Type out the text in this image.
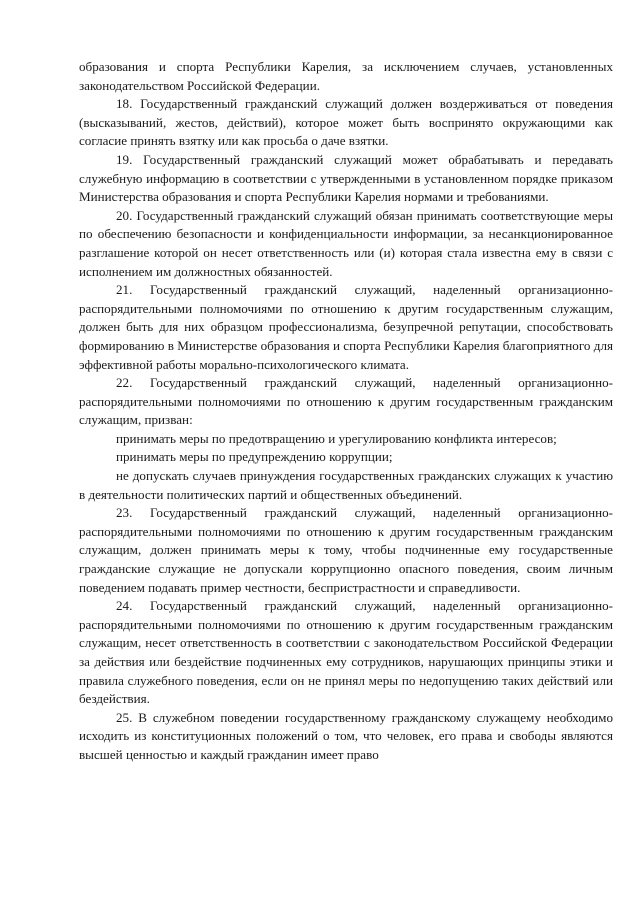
образования и спорта Республики Карелия, за исключением случаев, установленных законодательством Российской Федерации.

18. Государственный гражданский служащий должен воздерживаться от поведения (высказываний, жестов, действий), которое может быть воспринято окружающими как согласие принять взятку или как просьба о даче взятки.

19. Государственный гражданский служащий может обрабатывать и передавать служебную информацию в соответствии с утвержденными в установленном порядке приказом Министерства образования и спорта Республики Карелия нормами и требованиями.

20. Государственный гражданский служащий обязан принимать соответствующие меры по обеспечению безопасности и конфиденциальности информации, за несанкционированное разглашение которой он несет ответственность или (и) которая стала известна ему в связи с исполнением им должностных обязанностей.

21. Государственный гражданский служащий, наделенный организационно-распорядительными полномочиями по отношению к другим государственным служащим, должен быть для них образцом профессионализма, безупречной репутации, способствовать формированию в Министерстве образования и спорта Республики Карелия благоприятного для эффективной работы морально-психологического климата.

22. Государственный гражданский служащий, наделенный организационно-распорядительными полномочиями по отношению к другим государственным гражданским служащим, призван:

принимать меры по предотвращению и урегулированию конфликта интересов;

принимать меры по предупреждению коррупции;

не допускать случаев принуждения государственных гражданских служащих к участию в деятельности политических партий и общественных объединений.

23. Государственный гражданский служащий, наделенный организационно-распорядительными полномочиями по отношению к другим государственным гражданским служащим, должен принимать меры к тому, чтобы подчиненные ему государственные гражданские служащие не допускали коррупционно опасного поведения, своим личным поведением подавать пример честности, беспристрастности и справедливости.

24. Государственный гражданский служащий, наделенный организационно-распорядительными полномочиями по отношению к другим государственным гражданским служащим, несет ответственность в соответствии с законодательством Российской Федерации за действия или бездействие подчиненных ему сотрудников, нарушающих принципы этики и правила служебного поведения, если он не принял меры по недопущению таких действий или бездействия.

25. В служебном поведении государственному гражданскому служащему необходимо исходить из конституционных положений о том, что человек, его права и свободы являются высшей ценностью и каждый гражданин имеет право
